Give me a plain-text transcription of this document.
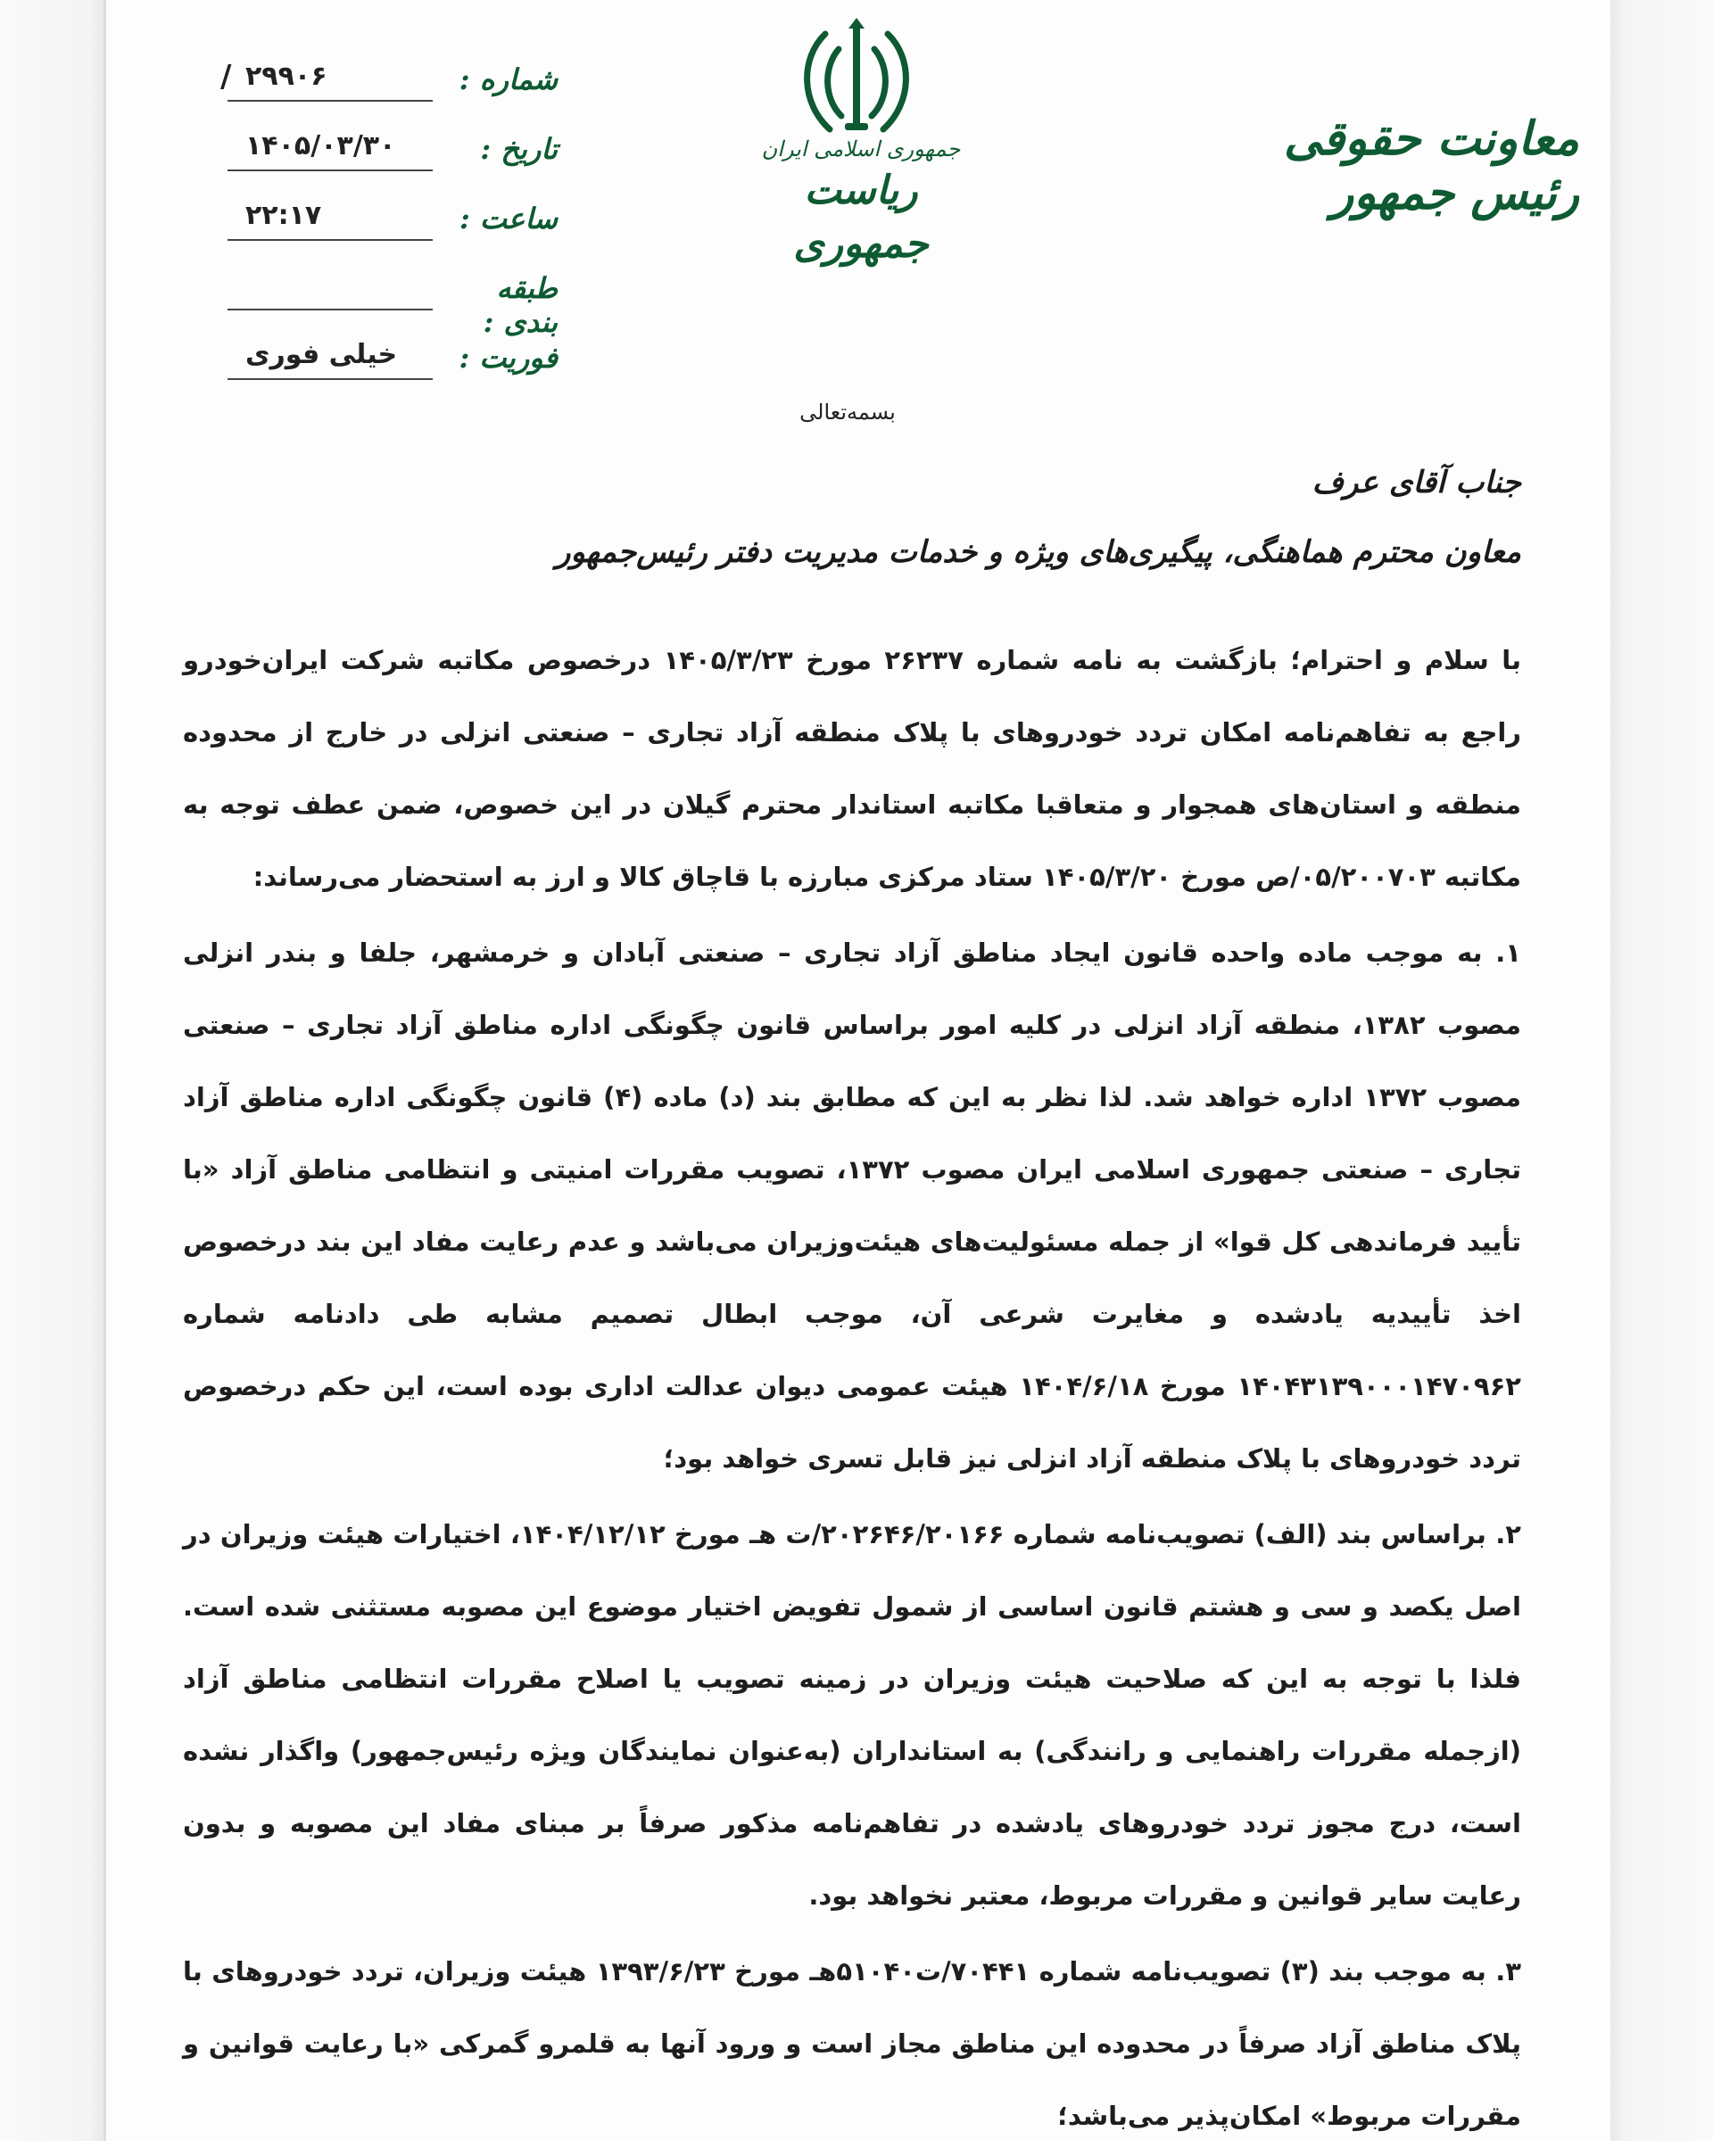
معاونت حقوقی رئیس جمهور
جمهوری اسلامی ایران
ریاست جمهوری
/ ۲۹۹۰۶	شماره :
۱۴۰۵/۰۳/۳۰	تاریخ :
۲۲:۱۷	ساعت :
طبقه بندی :
خیلی فوری	فوریت :
بسمه‌تعالی
جناب آقای عرف
معاون محترم هماهنگی، پیگیری‌های ویژه و خدمات مدیریت دفتر رئیس‌جمهور

با سلام و احترام؛ بازگشت به نامه شماره ۲۶۲۳۷ مورخ ۱۴۰۵/۳/۲۳ درخصوص مکاتبه شرکت ایران‌خودرو راجع به تفاهم‌نامه امکان تردد خودروهای با پلاک منطقه آزاد تجاری – صنعتی انزلی در خارج از محدوده منطقه و استان‌های همجوار و متعاقبا مکاتبه استاندار محترم گیلان در این خصوص، ضمن عطف توجه به مکاتبه ۰۵/۲۰۰۷۰۳/ص مورخ ۱۴۰۵/۳/۲۰ ستاد مرکزی مبارزه با قاچاق کالا و ارز به استحضار می‌رساند:

۱. به موجب ماده واحده قانون ایجاد مناطق آزاد تجاری – صنعتی آبادان و خرمشهر، جلفا و بندر انزلی مصوب ۱۳۸۲، منطقه آزاد انزلی در کلیه امور براساس قانون چگونگی اداره مناطق آزاد تجاری – صنعتی مصوب ۱۳۷۲ اداره خواهد شد. لذا نظر به این که مطابق بند (د) ماده (۴) قانون چگونگی اداره مناطق آزاد تجاری – صنعتی جمهوری اسلامی ایران مصوب ۱۳۷۲، تصویب مقررات امنیتی و انتظامی مناطق آزاد «با تأیید فرماندهی کل قوا» از جمله مسئولیت‌های هیئت‌وزیران می‌باشد و عدم رعایت مفاد این بند درخصوص اخذ تأییدیه یادشده و مغایرت شرعی آن، موجب ابطال تصمیم مشابه طی دادنامه شماره ۱۴۰۴۳۱۳۹۰۰۰۱۴۷۰۹۶۲ مورخ ۱۴۰۴/۶/۱۸ هیئت عمومی دیوان عدالت اداری بوده است، این حکم درخصوص تردد خودروهای با پلاک منطقه آزاد انزلی نیز قابل تسری خواهد بود؛

۲. براساس بند (الف) تصویب‌نامه شماره ۲۰۲۶۴۶/۲۰۱۶۶/ت هـ مورخ ۱۴۰۴/۱۲/۱۲، اختیارات هیئت وزیران در اصل یکصد و سی و هشتم قانون اساسی از شمول تفویض اختیار موضوع این مصوبه مستثنی شده است. فلذا با توجه به این که صلاحیت هیئت وزیران در زمینه تصویب یا اصلاح مقررات انتظامی مناطق آزاد (ازجمله مقررات راهنمایی و رانندگی) به استانداران (به‌عنوان نمایندگان ویژه رئیس‌جمهور) واگذار نشده است، درج مجوز تردد خودروهای یادشده در تفاهم‌نامه مذکور صرفاً بر مبنای مفاد این مصوبه و بدون رعایت سایر قوانین و مقررات مربوط، معتبر نخواهد بود.

۳. به موجب بند (۳) تصویب‌نامه شماره ۷۰۴۴۱/ت۵۱۰۴۰هـ مورخ ۱۳۹۳/۶/۲۳ هیئت وزیران، تردد خودروهای با پلاک مناطق آزاد صرفاً در محدوده این مناطق مجاز است و ورود آنها به قلمرو گمرکی «با رعایت قوانین و مقررات مربوط» امکان‌پذیر می‌باشد؛
